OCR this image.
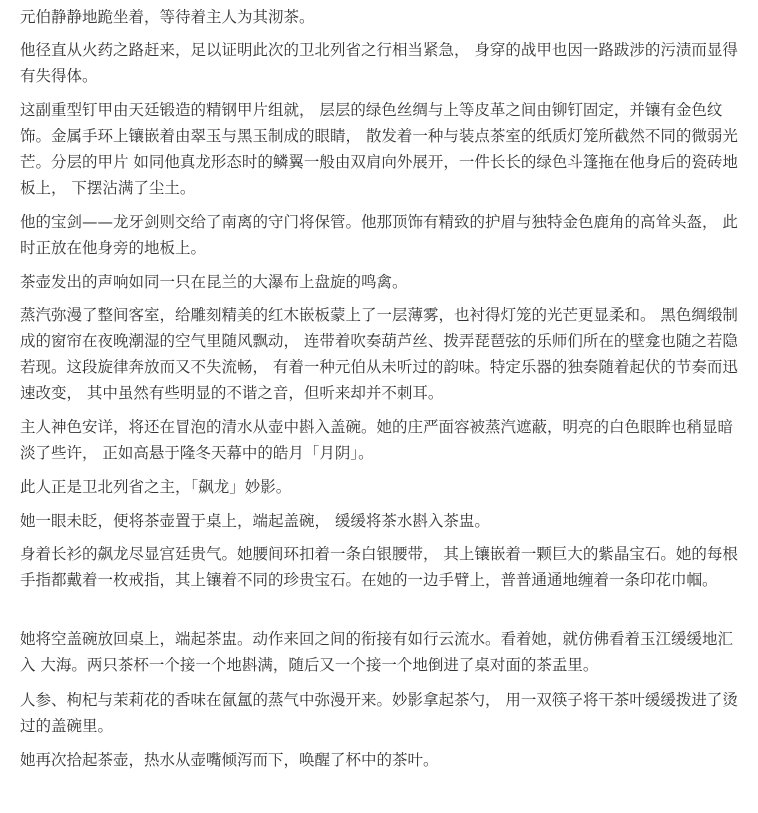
元伯静静地跪坐着，等待着主人为其沏茶。

他径直从火药之路赶来，足以证明此次的卫北列省之行相当紧急， 身穿的战甲也因一路跋涉的污渍而显得有失得体。

这副重型钉甲由天廷锻造的精钢甲片组就， 层层的绿色丝绸与上等皮革之间由铆钉固定，并镶有金色纹饰。金属手环上镶嵌着由翠玉与黑玉制成的眼睛， 散发着一种与装点茶室的纸质灯笼所截然不同的微弱光芒。分层的甲片 如同他真龙形态时的鳞翼一般由双肩向外展开，一件长长的绿色斗篷拖在他身后的瓷砖地板上， 下摆沾满了尘土。

他的宝剑——龙牙剑则交给了南离的守门将保管。他那顶饰有精致的护眉与独特金色鹿角的高耸头盔， 此时正放在他身旁的地板上。

茶壶发出的声响如同一只在昆兰的大瀑布上盘旋的鸣禽。

蒸汽弥漫了整间客室，给雕刻精美的红木嵌板蒙上了一层薄雾，也衬得灯笼的光芒更显柔和。 黑色绸缎制成的窗帘在夜晚潮湿的空气里随风飘动， 连带着吹奏葫芦丝、拨弄琵琶弦的乐师们所在的壁龛也随之若隐若现。这段旋律奔放而又不失流畅， 有着一种元伯从未听过的韵味。特定乐器的独奏随着起伏的节奏而迅速改变， 其中虽然有些明显的不谐之音，但听来却并不刺耳。

主人神色安详，将还在冒泡的清水从壶中斟入盖碗。她的庄严面容被蒸汽遮蔽，明亮的白色眼眸也稍显暗淡了些许， 正如高悬于隆冬天幕中的皓月「月阴」。

此人正是卫北列省之主，「飙龙」妙影。

她一眼未眨，便将茶壶置于桌上，端起盖碗， 缓缓将茶水斟入茶盅。

身着长衫的飙龙尽显宫廷贵气。她腰间环扣着一条白银腰带， 其上镶嵌着一颗巨大的紫晶宝石。她的每根手指都戴着一枚戒指，其上镶着不同的珍贵宝石。在她的一边手臂上，普普通通地缠着一条印花巾帼。

她将空盖碗放回桌上，端起茶盅。动作来回之间的衔接有如行云流水。看着她，就仿佛看着玉江缓缓地汇入 大海。两只茶杯一个接一个地斟满，随后又一个接一个地倒进了桌对面的茶盂里。

人参、枸杞与茉莉花的香味在氤氲的蒸气中弥漫开来。妙影拿起茶勺， 用一双筷子将干茶叶缓缓拨进了烫过的盖碗里。

她再次拾起茶壶，热水从壶嘴倾泻而下，唤醒了杯中的茶叶。
